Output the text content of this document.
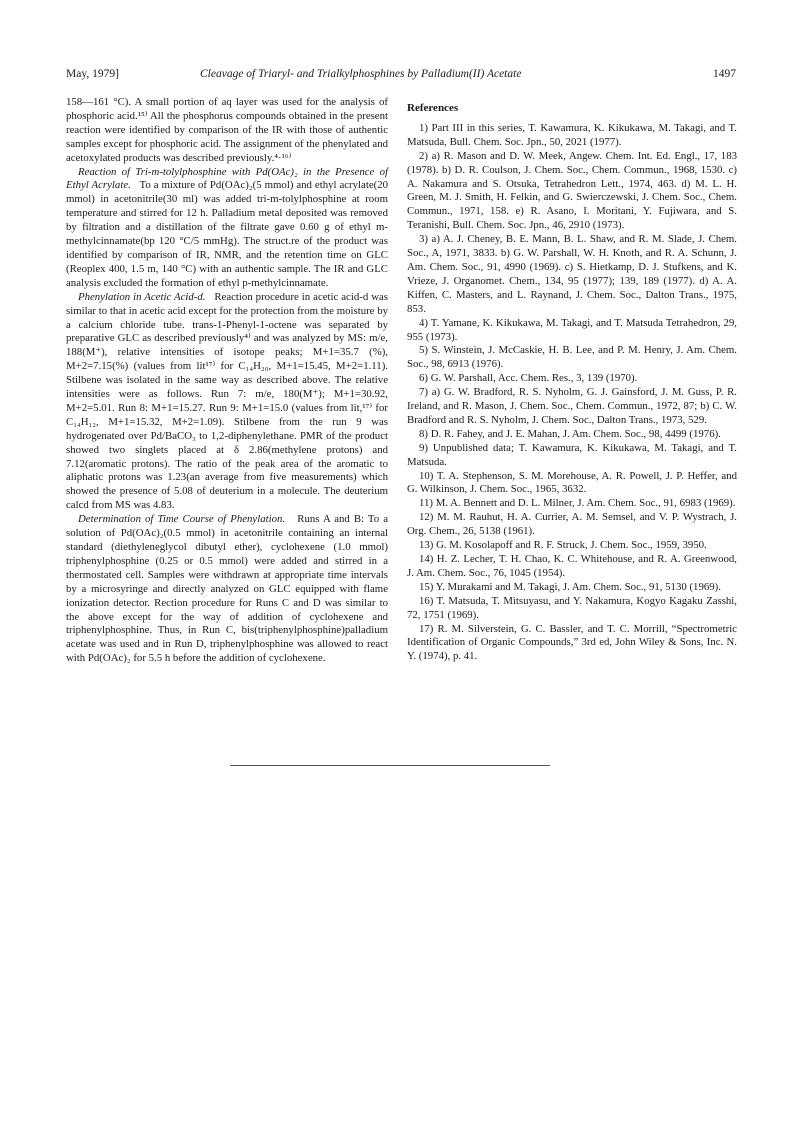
May, 1979]	Cleavage of Triaryl- and Trialkylphosphines by Palladium(II) Acetate	1497

158—161 °C). A small portion of aq layer was used for the analysis of phosphoric acid.¹⁵⁾ All the phosphorus compounds obtained in the present reaction were identified by comparison of the IR with those of authentic samples except for phosphoric acid. The assignment of the phenylated and acetoxylated products was described previously.⁴·¹⁶⁾

Reaction of Tri-m-tolylphosphine with Pd(OAc)₂ in the Presence of Ethyl Acrylate. To a mixture of Pd(OAc)₂(5 mmol) and ethyl acrylate(20 mmol) in acetonitrile(30 ml) was added tri-m-tolylphosphine at room temperature and stirred for 12 h. Palladium metal deposited was removed by filtration and a distillation of the filtrate gave 0.60 g of ethyl m-methylcinnamate(bp 120 °C/5 mmHg). The struct.re of the product was identified by comparison of IR, NMR, and the retention time on GLC (Reoplex 400, 1.5 m, 140 °C) with an authentic sample. The IR and GLC analysis excluded the formation of ethyl p-methylcinnamate.

Phenylation in Acetic Acid-d. Reaction procedure in acetic acid-d was similar to that in acetic acid except for the protection from the moisture by a calcium chloride tube. trans-1-Phenyl-1-octene was separated by preparative GLC as described previously⁴⁾ and was analyzed by MS: m/e, 188(M⁺), relative intensities of isotope peaks; M+1=35.7 (%), M+2=7.15(%) (values from lit¹⁷⁾ for C₁₄H₂₀, M+1=15.45, M+2=1.11). Stilbene was isolated in the same way as described above. The relative intensities were as follows. Run 7: m/e, 180(M⁺); M+1=30.92, M+2=5.01. Run 8: M+1=15.27. Run 9: M+1=15.0 (values from lit,¹⁷⁾ for C₁₄H₁₂, M+1=15.32, M+2=1.09). Stilbene from the run 9 was hydrogenated over Pd/BaCO₃ to 1,2-diphenylethane. PMR of the product showed two singlets placed at δ 2.86(methylene protons) and 7.12(aromatic protons). The ratio of the peak area of the aromatic to aliphatic protons was 1.23(an average from five measurements) which showed the presence of 5.08 of deuterium in a molecule. The deuterium calcd from MS was 4.83.

Determination of Time Course of Phenylation. Runs A and B: To a solution of Pd(OAc)₂(0.5 mmol) in acetonitrile containing an internal standard (diethyleneglycol dibutyl ether), cyclohexene (1.0 mmol) triphenylphosphine (0.25 or 0.5 mmol) were added and stirred in a thermostated cell. Samples were withdrawn at appropriate time intervals by a microsyringe and directly analyzed on GLC equipped with flame ionization detector. Rection procedure for Runs C and D was similar to the above except for the way of addition of cyclohexene and triphenylphosphine. Thus, in Run C, bis(triphenylphosphine)palladium acetate was used and in Run D, triphenylphosphine was allowed to react with Pd(OAc)₂ for 5.5 h before the addition of cyclohexene.

References

1) Part III in this series, T. Kawamura, K. Kikukawa, M. Takagi, and T. Matsuda, Bull. Chem. Soc. Jpn., 50, 2021 (1977).

2) a) R. Mason and D. W. Meek, Angew. Chem. Int. Ed. Engl., 17, 183 (1978). b) D. R. Coulson, J. Chem. Soc., Chem. Commun., 1968, 1530. c) A. Nakamura and S. Otsuka, Tetrahedron Lett., 1974, 463. d) M. L. H. Green, M. J. Smith, H. Felkin, and G. Swierczewski, J. Chem. Soc., Chem. Commun., 1971, 158. e) R. Asano, I. Moritani, Y. Fujiwara, and S. Teranishi, Bull. Chem. Soc. Jpn., 46, 2910 (1973).

3) a) A. J. Cheney, B. E. Mann, B. L. Shaw, and R. M. Slade, J. Chem. Soc., A, 1971, 3833. b) G. W. Parshall, W. H. Knoth, and R. A. Schunn, J. Am. Chem. Soc., 91, 4990 (1969). c) S. Hietkamp, D. J. Stufkens, and K. Vrieze, J. Organomet. Chem., 134, 95 (1977); 139, 189 (1977). d) A. A. Kiffen, C. Masters, and L. Raynand, J. Chem. Soc., Dalton Trans., 1975, 853.

4) T. Yamane, K. Kikukawa, M. Takagi, and T. Matsuda Tetrahedron, 29, 955 (1973).

5) S. Winstein, J. McCaskie, H. B. Lee, and P. M. Henry, J. Am. Chem. Soc., 98, 6913 (1976).

6) G. W. Parshall, Acc. Chem. Res., 3, 139 (1970).

7) a) G. W. Bradford, R. S. Nyholm, G. J. Gainsford, J. M. Guss, P. R. Ireland, and R. Mason, J. Chem. Soc., Chem. Commun., 1972, 87; b) C. W. Bradford and R. S. Nyholm, J. Chem. Soc., Dalton Trans., 1973, 529.

8) D. R. Fahey, and J. E. Mahan, J. Am. Chem. Soc., 98, 4499 (1976).

9) Unpublished data; T. Kawamura, K. Kikukawa, M. Takagi, and T. Matsuda.

10) T. A. Stephenson, S. M. Morehouse, A. R. Powell, J. P. Heffer, and G. Wilkinson, J. Chem. Soc., 1965, 3632.

11) M. A. Bennett and D. L. Milner, J. Am. Chem. Soc., 91, 6983 (1969).

12) M. M. Rauhut, H. A. Currier, A. M. Semsel, and V. P. Wystrach, J. Org. Chem., 26, 5138 (1961).

13) G. M. Kosolapoff and R. F. Struck, J. Chem. Soc., 1959, 3950.

14) H. Z. Lecher, T. H. Chao, K. C. Whitehouse, and R. A. Greenwood, J. Am. Chem. Soc., 76, 1045 (1954).

15) Y. Murakami and M. Takagi, J. Am. Chem. Soc., 91, 5130 (1969).

16) T. Matsuda, T. Mitsuyasu, and Y. Nakamura, Kogyo Kagaku Zasshi, 72, 1751 (1969).

17) R. M. Silverstein, G. C. Bassler, and T. C. Morrill, “Spectrometric Identification of Organic Compounds,” 3rd ed, John Wiley & Sons, Inc. N. Y. (1974), p. 41.
